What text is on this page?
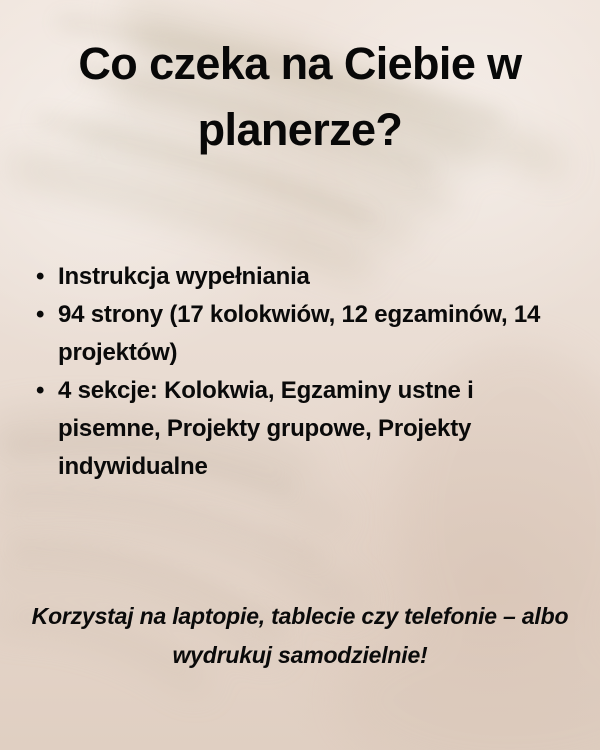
Co czeka na Ciebie w planerze?
• Instrukcja wypełniania
• 94 strony (17 kolokwiów, 12 egzaminów, 14 projektów)
• 4 sekcje: Kolokwia, Egzaminy ustne i pisemne, Projekty grupowe, Projekty indywidualne

Korzystaj na laptopie, tablecie czy telefonie – albo wydrukuj samodzielnie!
